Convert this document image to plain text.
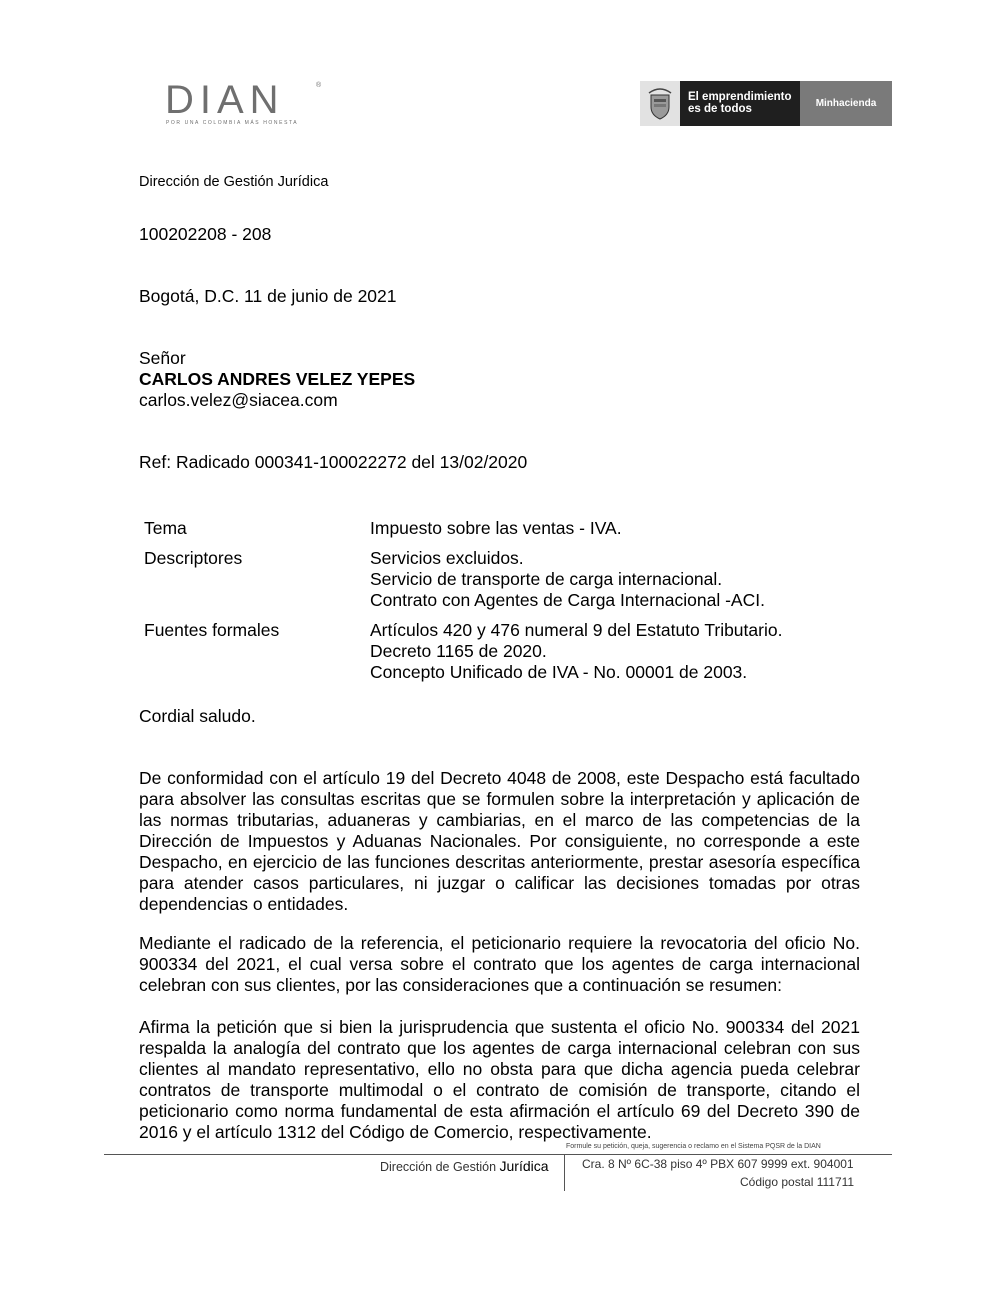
DIAN	®
POR UNA COLOMBIA MÁS HONESTA
El emprendimiento
es de todos	Minhacienda
Dirección de Gestión Jurídica
100202208 - 208
Bogotá, D.C. 11 de junio de 2021
Señor
CARLOS ANDRES VELEZ YEPES
carlos.velez@siacea.com
Ref: Radicado 000341-100022272 del 13/02/2020
Tema	Impuesto sobre las ventas - IVA.
Descriptores	Servicios excluidos.
Servicio de transporte de carga internacional.
Contrato con Agentes de Carga Internacional -ACI.
Fuentes formales	Artículos 420 y 476 numeral 9 del Estatuto Tributario.
Decreto 1165 de 2020.
Concepto Unificado de IVA - No. 00001 de 2003.
Cordial saludo.
De conformidad con el artículo 19 del Decreto 4048 de 2008, este Despacho está facultado para absolver las consultas escritas que se formulen sobre la interpretación y aplicación de las normas tributarias, aduaneras y cambiarias, en el marco de las competencias de la Dirección de Impuestos y Aduanas Nacionales. Por consiguiente, no corresponde a este Despacho, en ejercicio de las funciones descritas anteriormente, prestar asesoría específica para atender casos particulares, ni juzgar o calificar las decisiones tomadas por otras dependencias o entidades.
Mediante el radicado de la referencia, el peticionario requiere la revocatoria del oficio No. 900334 del 2021, el cual versa sobre el contrato que los agentes de carga internacional celebran con sus clientes, por las consideraciones que a continuación se resumen:
Afirma la petición que si bien la jurisprudencia que sustenta el oficio No. 900334 del 2021 respalda la analogía del contrato que los agentes de carga internacional celebran con sus clientes al mandato representativo, ello no obsta para que dicha agencia pueda celebrar contratos de transporte multimodal o el contrato de comisión de transporte, citando el peticionario como norma fundamental de esta afirmación el artículo 69 del Decreto 390 de 2016 y el artículo 1312 del Código de Comercio, respectivamente.
Formule su petición, queja, sugerencia o reclamo en el Sistema PQSR de la DIAN
Dirección de Gestión Jurídica	Cra. 8 Nº 6C-38 piso 4º PBX 607 9999 ext. 904001
Código postal 111711
